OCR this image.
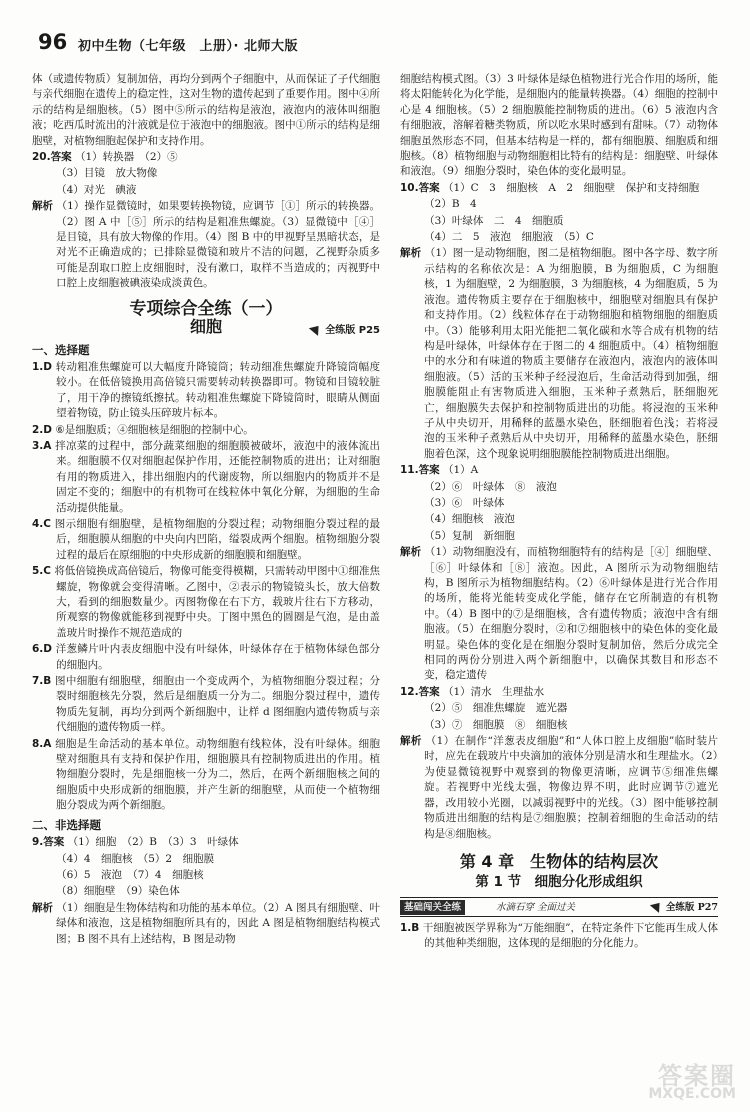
96 初中生物（七年级　上册）· 北师大版

体（或遗传物质）复制加倍，再均分到两个子细胞中，从而保证了子代细胞与亲代细胞在遗传上的稳定性，这对生物的遗传起到了重要作用。图中④所示的结构是细胞核。（5）图中⑤所示的结构是液泡，液泡内的液体叫细胞液；吃西瓜时流出的汁液就是位于液泡中的细胞液。图中①所示的结构是细胞壁，对植物细胞起保护和支持作用。

20.答案 （1）转换器　（2）⑤

（3）目镜　放大物像

（4）对光　碘液

解析 （1）操作显微镜时，如果要转换物镜，应调节［①］所示的转换器。（2）图 A 中［⑤］所示的结构是粗准焦螺旋。（3）显微镜中［④］是目镜，具有放大物像的作用。（4）图 B 中的甲视野呈黑暗状态，是对光不正确造成的；已排除显微镜和玻片不洁的问题，乙视野杂质多可能是刮取口腔上皮细胞时，没有漱口，取样不当造成的；丙视野中口腔上皮细胞被碘液染成淡黄色。

专项综合全练（一）
细胞	全练版 P25
一、选择题

1.D 转动粗准焦螺旋可以大幅度升降镜筒；转动细准焦螺旋升降镜筒幅度较小。在低倍镜换用高倍镜只需要转动转换器即可。物镜和目镜较脏了，用干净的擦镜纸擦拭。转动粗准焦螺旋下降镜筒时，眼睛从侧面望着物镜，防止镜头压碎玻片标本。

2.D ⑥是细胞质；④细胞核是细胞的控制中心。

3.A 拌凉菜的过程中，部分蔬菜细胞的细胞膜被破坏，液泡中的液体流出来。细胞膜不仅对细胞起保护作用，还能控制物质的进出；让对细胞有用的物质进入，排出细胞内的代谢废物，所以细胞内的物质并不是固定不变的；细胞中的有机物可在线粒体中氧化分解，为细胞的生命活动提供能量。

4.C 图示细胞有细胞壁，是植物细胞的分裂过程；动物细胞分裂过程的最后，细胞膜从细胞的中央向内凹陷，缢裂成两个细胞。植物细胞分裂过程的最后在原细胞的中央形成新的细胞膜和细胞壁。

5.C 将低倍镜换成高倍镜后，物像可能变得模糊，只需转动甲图中①细准焦螺旋，物像就会变得清晰。乙图中，②表示的物镜镜头长，放大倍数大，看到的细胞数量少。丙图物像在右下方，载玻片往右下方移动，所观察的物像就能移到视野中央。丁图中黑色的圆圈是气泡，是由盖盖玻片时操作不规范造成的

6.D 洋葱鳞片叶内表皮细胞中没有叶绿体，叶绿体存在于植物体绿色部分的细胞内。

7.B 图中细胞有细胞壁，细胞由一个变成两个，为植物细胞分裂过程；分裂时细胞核先分裂，然后是细胞质一分为二。细胞分裂过程中，遗传物质先复制，再均分到两个新细胞中，让样 d 图细胞内遗传物质与亲代细胞的遗传物质一样。

8.A 细胞是生命活动的基本单位。动物细胞有线粒体，没有叶绿体。细胞壁对细胞具有支持和保护作用，细胞膜具有控制物质进出的作用。植物细胞分裂时，先是细胞核一分为二，然后，在两个新细胞核之间的细胞质中央形成新的细胞膜，并产生新的细胞壁，从而使一个植物细胞分裂成为两个新细胞。

二、非选择题

9.答案 （1）细胞　（2）B　（3）3　叶绿体

（4）4　细胞核　（5）2　细胞膜

（6）5　液泡　（7）4　细胞核

（8）细胞壁　（9）染色体

解析 （1）细胞是生物体结构和功能的基本单位。（2）A 图具有细胞壁、叶绿体和液泡，这是植物细胞所具有的，因此 A 图是植物细胞结构模式图；B 图不具有上述结构，B 图是动物

细胞结构模式图。（3）3 叶绿体是绿色植物进行光合作用的场所，能将太阳能转化为化学能，是细胞内的能量转换器。（4）细胞的控制中心是 4 细胞核。（5）2 细胞膜能控制物质的进出。（6）5 液泡内含有细胞液，溶解着糖类物质，所以吃水果时感到有甜味。（7）动物体细胞虽然形态不同，但基本结构是一样的，都有细胞膜、细胞质和细胞核。（8）植物细胞与动物细胞相比特有的结构是：细胞壁、叶绿体和液泡。（9）细胞分裂时，染色体的变化最明显。

10.答案 （1）C　3　细胞核　A　2　细胞壁　保护和支持细胞

（2）B　4

（3）叶绿体　二　4　细胞质

（4）二　5　液泡　细胞液　（5）C

解析 （1）图一是动物细胞，图二是植物细胞。图中各字母、数字所示结构的名称依次是：A 为细胞膜，B 为细胞质，C 为细胞核，1 为细胞壁，2 为细胞膜，3 为细胞核，4 为细胞质，5 为液泡。遗传物质主要存在于细胞核中，细胞壁对细胞具有保护和支持作用。（2）线粒体存在于动物细胞和植物细胞的细胞质中。（3）能够利用太阳光能把二氧化碳和水等合成有机物的结构是叶绿体，叶绿体存在于图二的 4 细胞质中。（4）植物细胞中的水分和有味道的物质主要储存在液泡内，液泡内的液体叫细胞液。（5）活的玉米种子经浸泡后，生命活动得到加强，细胞膜能阻止有害物质进入细胞，玉米种子煮熟后，胚细胞死亡，细胞膜失去保护和控制物质进出的功能。将浸泡的玉米种子从中央切开，用稀释的蓝墨水染色，胚细胞着色浅；若将浸泡的玉米种子煮熟后从中央切开，用稀释的蓝墨水染色，胚细胞着色深，这个现象说明细胞膜能控制物质进出细胞。

11.答案 （1）A

（2）⑥　叶绿体　⑧　液泡

（3）⑥　叶绿体

（4）细胞核　液泡

（5）复制　新细胞

解析 （1）动物细胞没有，而植物细胞特有的结构是［④］细胞壁、［⑥］叶绿体和［⑧］液泡。因此，A 图所示为动物细胞结构，B 图所示为植物细胞结构。（2）⑥叶绿体是进行光合作用的场所，能将光能转变成化学能，储存在它所制造的有机物中。（4）B 图中的⑦是细胞核，含有遗传物质；液泡中含有细胞液。（5）在细胞分裂时，②和⑦细胞核中的染色体的变化最明显。染色体的变化是在细胞分裂时复制加倍，然后分成完全相同的两份分别进入两个新细胞中，以确保其数目和形态不变，稳定遗传

12.答案 （1）清水　生理盐水

（2）⑤　细准焦螺旋　遮光器

（3）⑦　细胞膜　⑧　细胞核

解析 （1）在制作“洋葱表皮细胞”和“人体口腔上皮细胞”临时装片时，应先在载玻片中央滴加的液体分别是清水和生理盐水。（2）为使显微镜视野中观察到的物像更清晰，应调节⑤细准焦螺旋。若视野中光线太强，物像边界不明，此时应调节⑦遮光器，改用较小光圈，以减弱视野中的光线。（3）图中能够控制物质进出细胞的结构是⑦细胞膜；控制着细胞的生命活动的结构是⑧细胞核。

第 4 章　生物体的结构层次
第 1 节　细胞分化形成组织
基础闯关全练	水滴石穿 全面过关	全练版 P27

1.B 干细胞被医学界称为“万能细胞”，在特定条件下它能再生成人体的其他种类细胞，这体现的是细胞的分化能力。

答案圈
MXQE.COM
